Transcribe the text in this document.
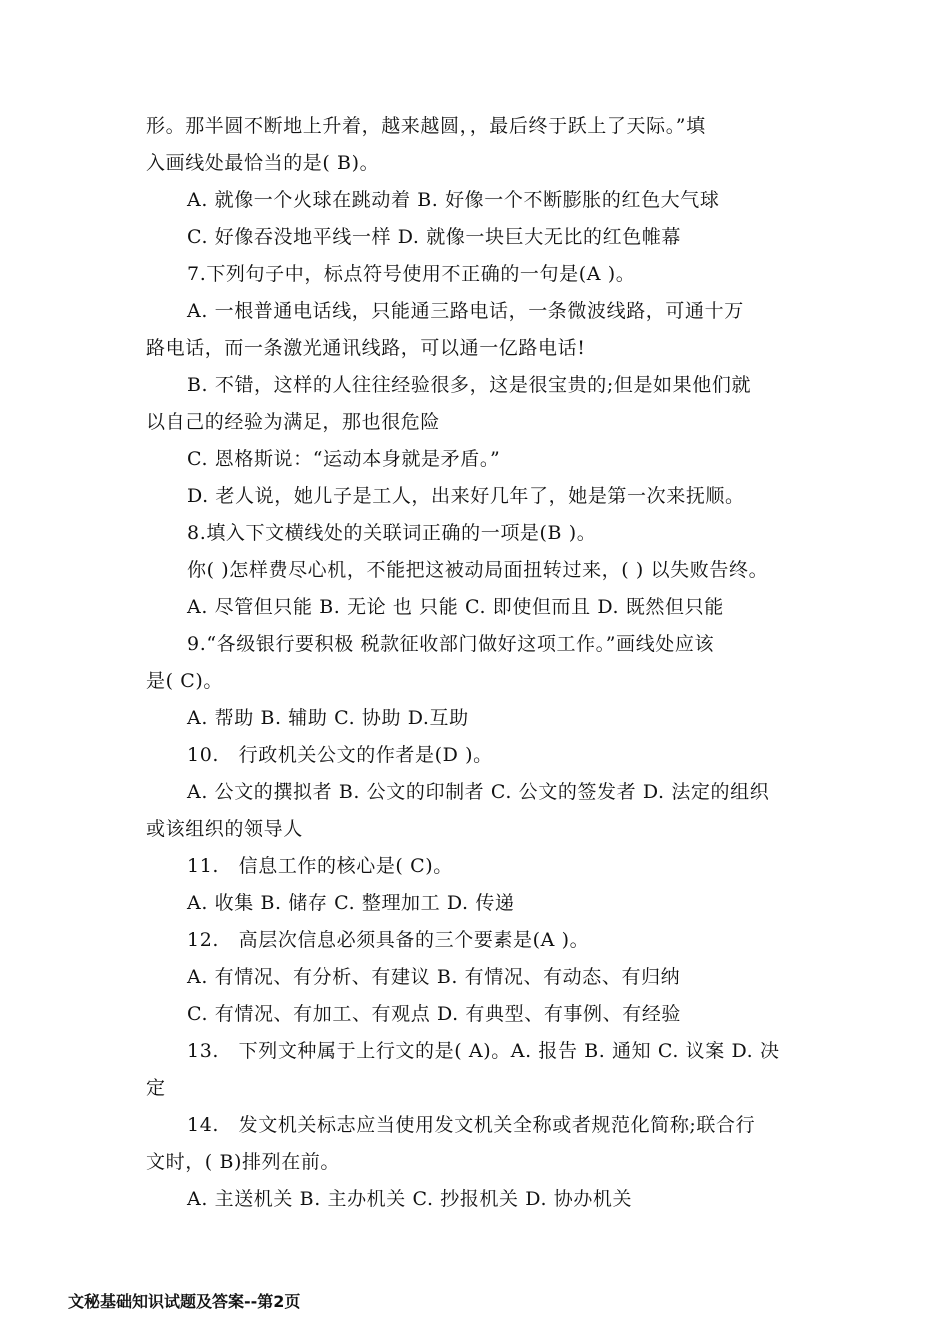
形。那半圆不断地上升着，越来越圆，，最后终于跃上了天际。”填
入画线处最恰当的是( B)。
A. 就像一个火球在跳动着 B. 好像一个不断膨胀的红色大气球
C. 好像吞没地平线一样 D. 就像一块巨大无比的红色帷幕
7.下列句子中，标点符号使用不正确的一句是(A )。
A. 一根普通电话线，只能通三路电话，一条微波线路，可通十万
路电话，而一条激光通讯线路，可以通一亿路电话!
B. 不错，这样的人往往经验很多，这是很宝贵的;但是如果他们就
以自己的经验为满足，那也很危险
C. 恩格斯说：“运动本身就是矛盾。”
D. 老人说，她儿子是工人，出来好几年了，她是第一次来抚顺。
8.填入下文横线处的关联词正确的一项是(B )。
你( )怎样费尽心机，不能把这被动局面扭转过来，( ) 以失败告终。
A. 尽管但只能 B. 无论 也 只能 C. 即使但而且 D. 既然但只能
9.“各级银行要积极 税款征收部门做好这项工作。”画线处应该
是( C)。
A. 帮助 B. 辅助 C. 协助 D.互助
10.　行政机关公文的作者是(D )。
A. 公文的撰拟者 B. 公文的印制者 C. 公文的签发者 D. 法定的组织
或该组织的领导人
11.　信息工作的核心是( C)。
A. 收集 B. 储存 C. 整理加工 D. 传递
12.　高层次信息必须具备的三个要素是(A )。
A. 有情况、有分析、有建议 B. 有情况、有动态、有归纳
C. 有情况、有加工、有观点 D. 有典型、有事例、有经验
13.　下列文种属于上行文的是( A)。A. 报告 B. 通知 C. 议案 D. 决
定
14.　发文机关标志应当使用发文机关全称或者规范化简称;联合行
文时，( B)排列在前。
A. 主送机关 B. 主办机关 C. 抄报机关 D. 协办机关
文秘基础知识试题及答案--第2页
